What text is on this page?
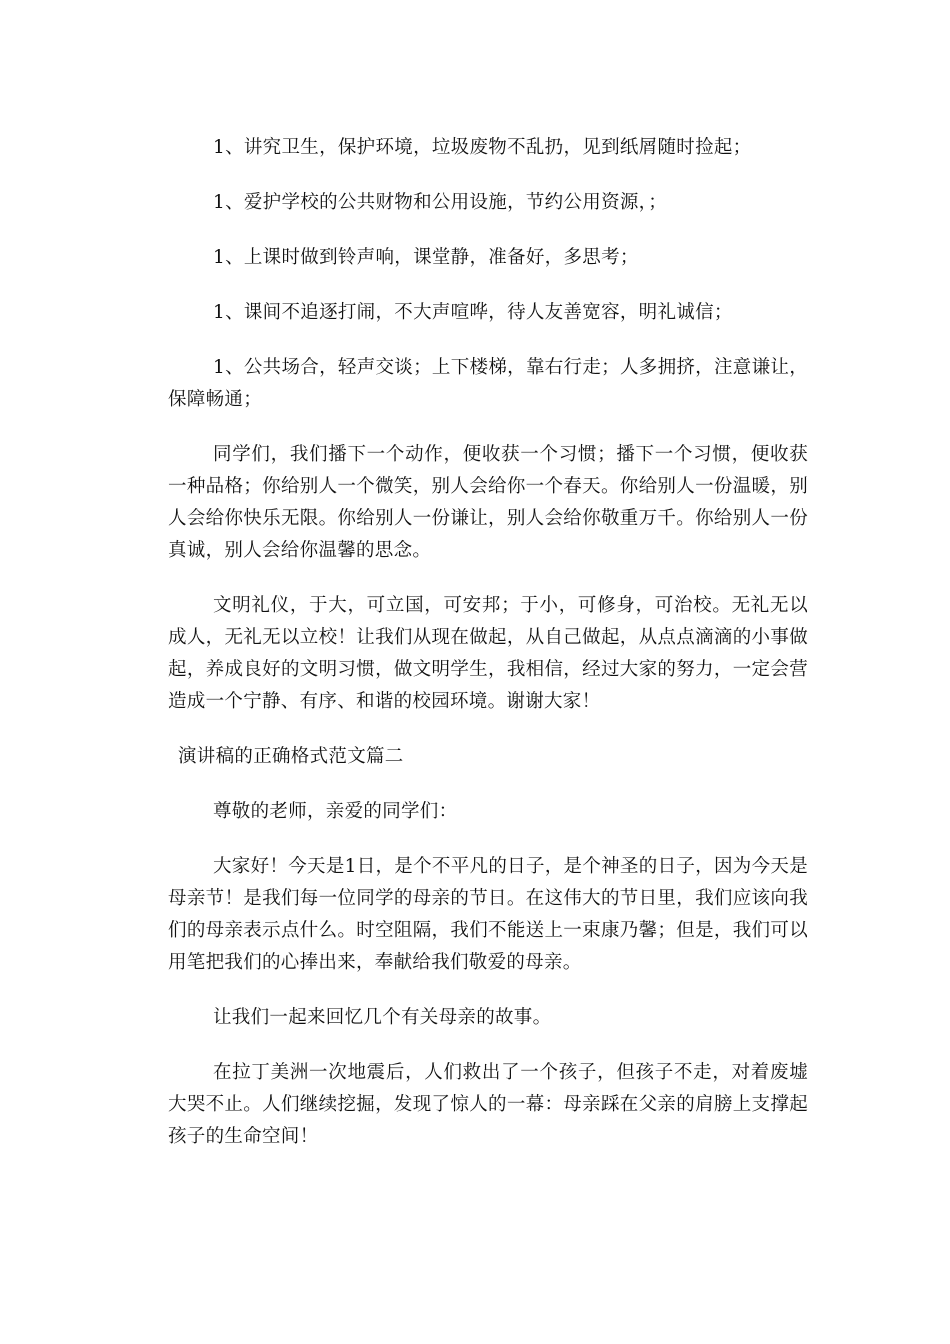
1、讲究卫生，保护环境，垃圾废物不乱扔，见到纸屑随时捡起；

1、爱护学校的公共财物和公用设施，节约公用资源，；

1、上课时做到铃声响，课堂静，准备好，多思考；

1、课间不追逐打闹，不大声喧哗，待人友善宽容，明礼诚信；

1、公共场合，轻声交谈；上下楼梯，靠右行走；人多拥挤，注意谦让，保障畅通；

同学们，我们播下一个动作，便收获一个习惯；播下一个习惯，便收获一种品格；你给别人一个微笑，别人会给你一个春天。你给别人一份温暖，别人会给你快乐无限。你给别人一份谦让，别人会给你敬重万千。你给别人一份真诚，别人会给你温馨的思念。

文明礼仪，于大，可立国，可安邦；于小，可修身，可治校。无礼无以成人，无礼无以立校！让我们从现在做起，从自己做起，从点点滴滴的小事做起，养成良好的文明习惯，做文明学生，我相信，经过大家的努力，一定会营造成一个宁静、有序、和谐的校园环境。谢谢大家！

演讲稿的正确格式范文篇二

尊敬的老师，亲爱的同学们：

大家好！今天是1日，是个不平凡的日子，是个神圣的日子，因为今天是母亲节！是我们每一位同学的母亲的节日。在这伟大的节日里，我们应该向我们的母亲表示点什么。时空阻隔，我们不能送上一束康乃馨；但是，我们可以用笔把我们的心捧出来，奉献给我们敬爱的母亲。

让我们一起来回忆几个有关母亲的故事。

在拉丁美洲一次地震后，人们救出了一个孩子，但孩子不走，对着废墟大哭不止。人们继续挖掘，发现了惊人的一幕：母亲踩在父亲的肩膀上支撑起孩子的生命空间！
